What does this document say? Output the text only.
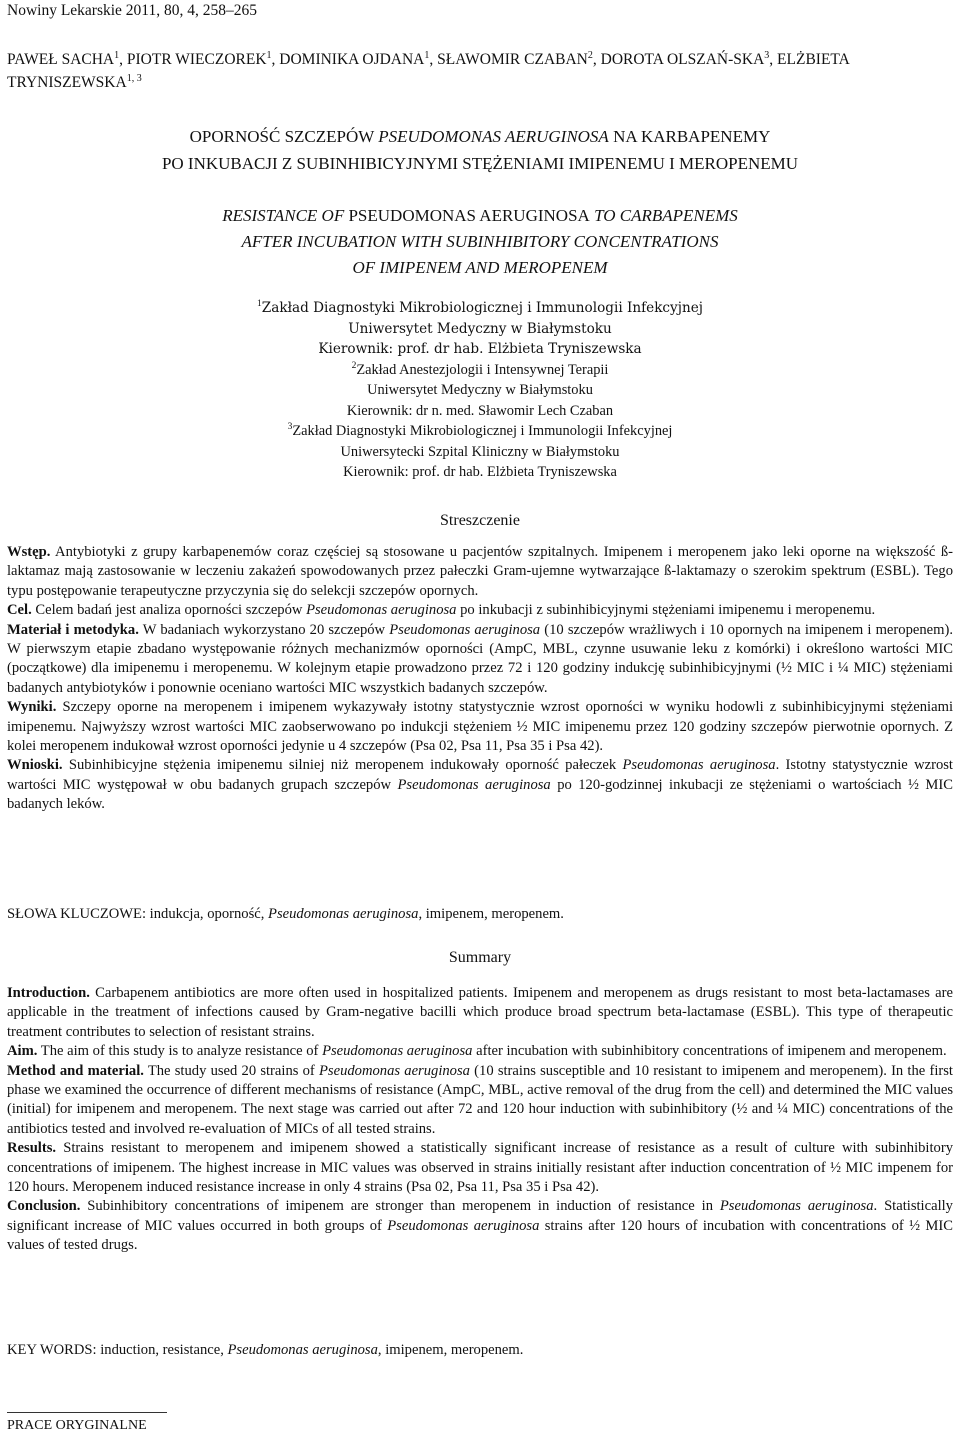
Nowiny Lekarskie 2011, 80, 4, 258–265
PAWEŁ SACHA$^1$, PIOTR WIECZOREK$^1$, DOMINIKA OJDANA$^1$, SŁAWOMIR CZABAN$^2$, DOROTA OLSZAŃ-SKA$^3$, ELŻBIETA TRYNISZEWSKA$^{1, 3}$
OPORNOŚĆ SZCZEPÓW PSEUDOMONAS AERUGINOSA NA KARBAPENEMY
PO INKUBACJI Z SUBINHIBICYJNYMI STĘŻENIAMI IMIPENEMU I MEROPENEMU
RESISTANCE OF PSEUDOMONAS AERUGINOSA TO CARBAPENEMS
AFTER INCUBATION WITH SUBINHIBITORY CONCENTRATIONS
OF IMIPENEM AND MEROPENEM
$^1$Zakład Diagnostyki Mikrobiologicznej i Immunologii Infekcyjnej
Uniwersytet Medyczny w Białymstoku
Kierownik: prof. dr hab. Elżbieta Tryniszewska
$^2$Zakład Anestezjologii i Intensywnej Terapii
Uniwersytet Medyczny w Białymstoku
Kierownik: dr n. med. Sławomir Lech Czaban
$^3$Zakład Diagnostyki Mikrobiologicznej i Immunologii Infekcyjnej
Uniwersytecki Szpital Kliniczny w Białymstoku
Kierownik: prof. dr hab. Elżbieta Tryniszewska
Streszczenie

Wstęp. Antybiotyki z grupy karbapenemów coraz częściej są stosowane u pacjentów szpitalnych. Imipenem i meropenem jako leki oporne na większość ß-laktamaz mają zastosowanie w leczeniu zakażeń spowodowanych przez pałeczki Gram-ujemne wytwarzające ß-laktamazy o szerokim spektrum (ESBL). Tego typu postępowanie terapeutyczne przyczynia się do selekcji szczepów opornych.

Cel. Celem badań jest analiza oporności szczepów Pseudomonas aeruginosa po inkubacji z subinhibicyjnymi stężeniami imipenemu i meropenemu.

Materiał i metodyka. W badaniach wykorzystano 20 szczepów Pseudomonas aeruginosa (10 szczepów wrażliwych i 10 opornych na imipenem i meropenem). W pierwszym etapie zbadano występowanie różnych mechanizmów oporności (AmpC, MBL, czynne usuwanie leku z komórki) i określono wartości MIC (początkowe) dla imipenemu i meropenemu. W kolejnym etapie prowadzono przez 72 i 120 godziny indukcję subinhibicyjnymi (½ MIC i ¼ MIC) stężeniami badanych antybiotyków i ponownie oceniano wartości MIC wszystkich badanych szczepów.

Wyniki. Szczepy oporne na meropenem i imipenem wykazywały istotny statystycznie wzrost oporności w wyniku hodowli z subinhibicyjnymi stężeniami imipenemu. Najwyższy wzrost wartości MIC zaobserwowano po indukcji stężeniem ½ MIC imipenemu przez 120 godziny szczepów pierwotnie opornych. Z kolei meropenem indukował wzrost oporności jedynie u 4 szczepów (Psa 02, Psa 11, Psa 35 i Psa 42).

Wnioski. Subinhibicyjne stężenia imipenemu silniej niż meropenem indukowały oporność pałeczek Pseudomonas aeruginosa. Istotny statystycznie wzrost wartości MIC występował w obu badanych grupach szczepów Pseudomonas aeruginosa po 120-godzinnej inkubacji ze stężeniami o wartościach ½ MIC badanych leków.

SŁOWA KLUCZOWE: indukcja, oporność, Pseudomonas aeruginosa, imipenem, meropenem.
Summary

Introduction. Carbapenem antibiotics are more often used in hospitalized patients. Imipenem and meropenem as drugs resistant to most beta-lactamases are applicable in the treatment of infections caused by Gram-negative bacilli which produce broad spectrum beta-lactamase (ESBL). This type of therapeutic treatment contributes to selection of resistant strains.

Aim. The aim of this study is to analyze resistance of Pseudomonas aeruginosa after incubation with subinhibitory concentrations of imipenem and meropenem.

Method and material. The study used 20 strains of Pseudomonas aeruginosa (10 strains susceptible and 10 resistant to imipenem and meropenem). In the first phase we examined the occurrence of different mechanisms of resistance (AmpC, MBL, active removal of the drug from the cell) and determined the MIC values (initial) for imipenem and meropenem. The next stage was carried out after 72 and 120 hour induction with subinhibitory (½ and ¼ MIC) concentrations of the antibiotics tested and involved re-evaluation of MICs of all tested strains.

Results. Strains resistant to meropenem and imipenem showed a statistically significant increase of resistance as a result of culture with subinhibitory concentrations of imipenem. The highest increase in MIC values was observed in strains initially resistant after induction concentration of ½ MIC impenem for 120 hours. Meropenem induced resistance increase in only 4 strains (Psa 02, Psa 11, Psa 35 i Psa 42).

Conclusion. Subinhibitory concentrations of imipenem are stronger than meropenem in induction of resistance in Pseudomonas aeruginosa. Statistically significant increase of MIC values occurred in both groups of Pseudomonas aeruginosa strains after 120 hours of incubation with concentrations of ½ MIC values of tested drugs.

KEY WORDS: induction, resistance, Pseudomonas aeruginosa, imipenem, meropenem.
PRACE ORYGINALNE
